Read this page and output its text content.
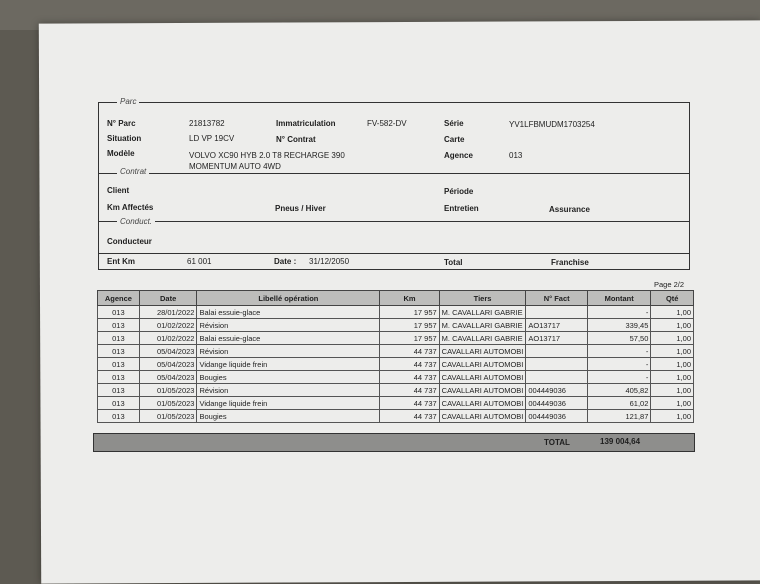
Parc
N° Parc	21813782	Immatriculation	FV-582-DV	Série	YV1LFBMUDM1703254
Situation	LD VP 19CV	N° Contrat	Carte
Modèle	VOLVO XC90 HYB 2.0 T8 RECHARGE 390
MOMENTUM AUTO 4WD
Agence	013
Contrat
Client	Période
Km Affectés	Pneus / Hiver	Entretien	Assurance
Conduct.
Conducteur
Ent Km	61 001	Date : 31/12/2050	Total	Franchise
Page 2/2
Agence	Date	Libellé opération	Km	Tiers	N° Fact	Montant	Qté
013	28/01/2022	Balai essuie-glace	17 957	M. CAVALLARI GABRIE		-	1,00
013	01/02/2022	Révision	17 957	M. CAVALLARI GABRIE	AO13717	339,45	1,00
013	01/02/2022	Balai essuie-glace	17 957	M. CAVALLARI GABRIE	AO13717	57,50	1,00
013	05/04/2023	Révision	44 737	CAVALLARI AUTOMOBI		-	1,00
013	05/04/2023	Vidange liquide frein	44 737	CAVALLARI AUTOMOBI		-	1,00
013	05/04/2023	Bougies	44 737	CAVALLARI AUTOMOBI		-	1,00
013	01/05/2023	Révision	44 737	CAVALLARI AUTOMOBI	004449036	405,82	1,00
013	01/05/2023	Vidange liquide frein	44 737	CAVALLARI AUTOMOBI	004449036	61,02	1,00
013	01/05/2023	Bougies	44 737	CAVALLARI AUTOMOBI	004449036	121,87	1,00
TOTAL	139 004,64
